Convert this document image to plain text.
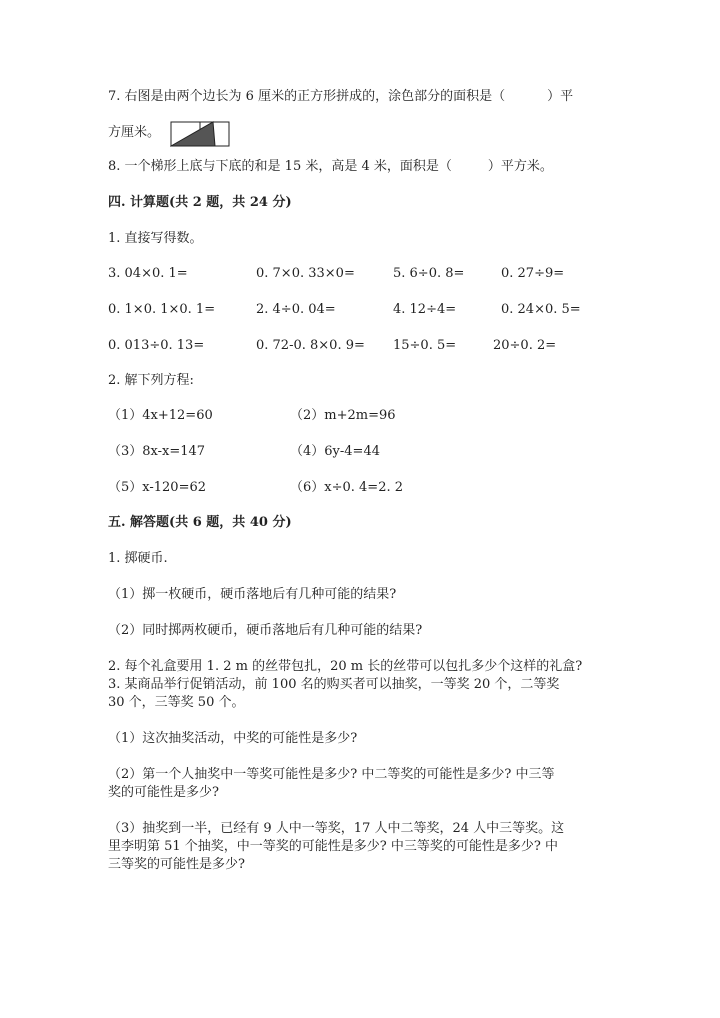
7. 右图是由两个边长为 6 厘米的正方形拼成的，涂色部分的面积是（	）平
方厘米。
8. 一个梯形上底与下底的和是 15 米，高是 4 米，面积是（	）平方米。
四. 计算题(共 2 题，共 24 分)
1. 直接写得数。
3. 04×0. 1=	0. 7×0. 33×0=	5. 6÷0. 8=	0. 27÷9=
0. 1×0. 1×0. 1=	2. 4÷0. 04=	4. 12÷4=	0. 24×0. 5=
0. 013÷0. 13=	0. 72-0. 8×0. 9= 15÷0. 5=	20÷0. 2=
2. 解下列方程:
（1）4x+12=60	（2）m+2m=96
（3）8x-x=147	（4）6y-4=44
（5）x-120=62	（6）x÷0. 4=2. 2
五. 解答题(共 6 题，共 40 分)
1. 掷硬币.
（1）掷一枚硬币，硬币落地后有几种可能的结果?
（2）同时掷两枚硬币，硬币落地后有几种可能的结果?
2. 每个礼盒要用 1. 2 m 的丝带包扎，20 m 长的丝带可以包扎多少个这样的礼盒?
3. 某商品举行促销活动，前 100 名的购买者可以抽奖，一等奖 20 个，二等奖
30 个，三等奖 50 个。
（1）这次抽奖活动，中奖的可能性是多少?
（2）第一个人抽奖中一等奖可能性是多少? 中二等奖的可能性是多少? 中三等
奖的可能性是多少?
（3）抽奖到一半，已经有 9 人中一等奖，17 人中二等奖，24 人中三等奖。这
里李明第 51 个抽奖，中一等奖的可能性是多少? 中三等奖的可能性是多少? 中
三等奖的可能性是多少?
